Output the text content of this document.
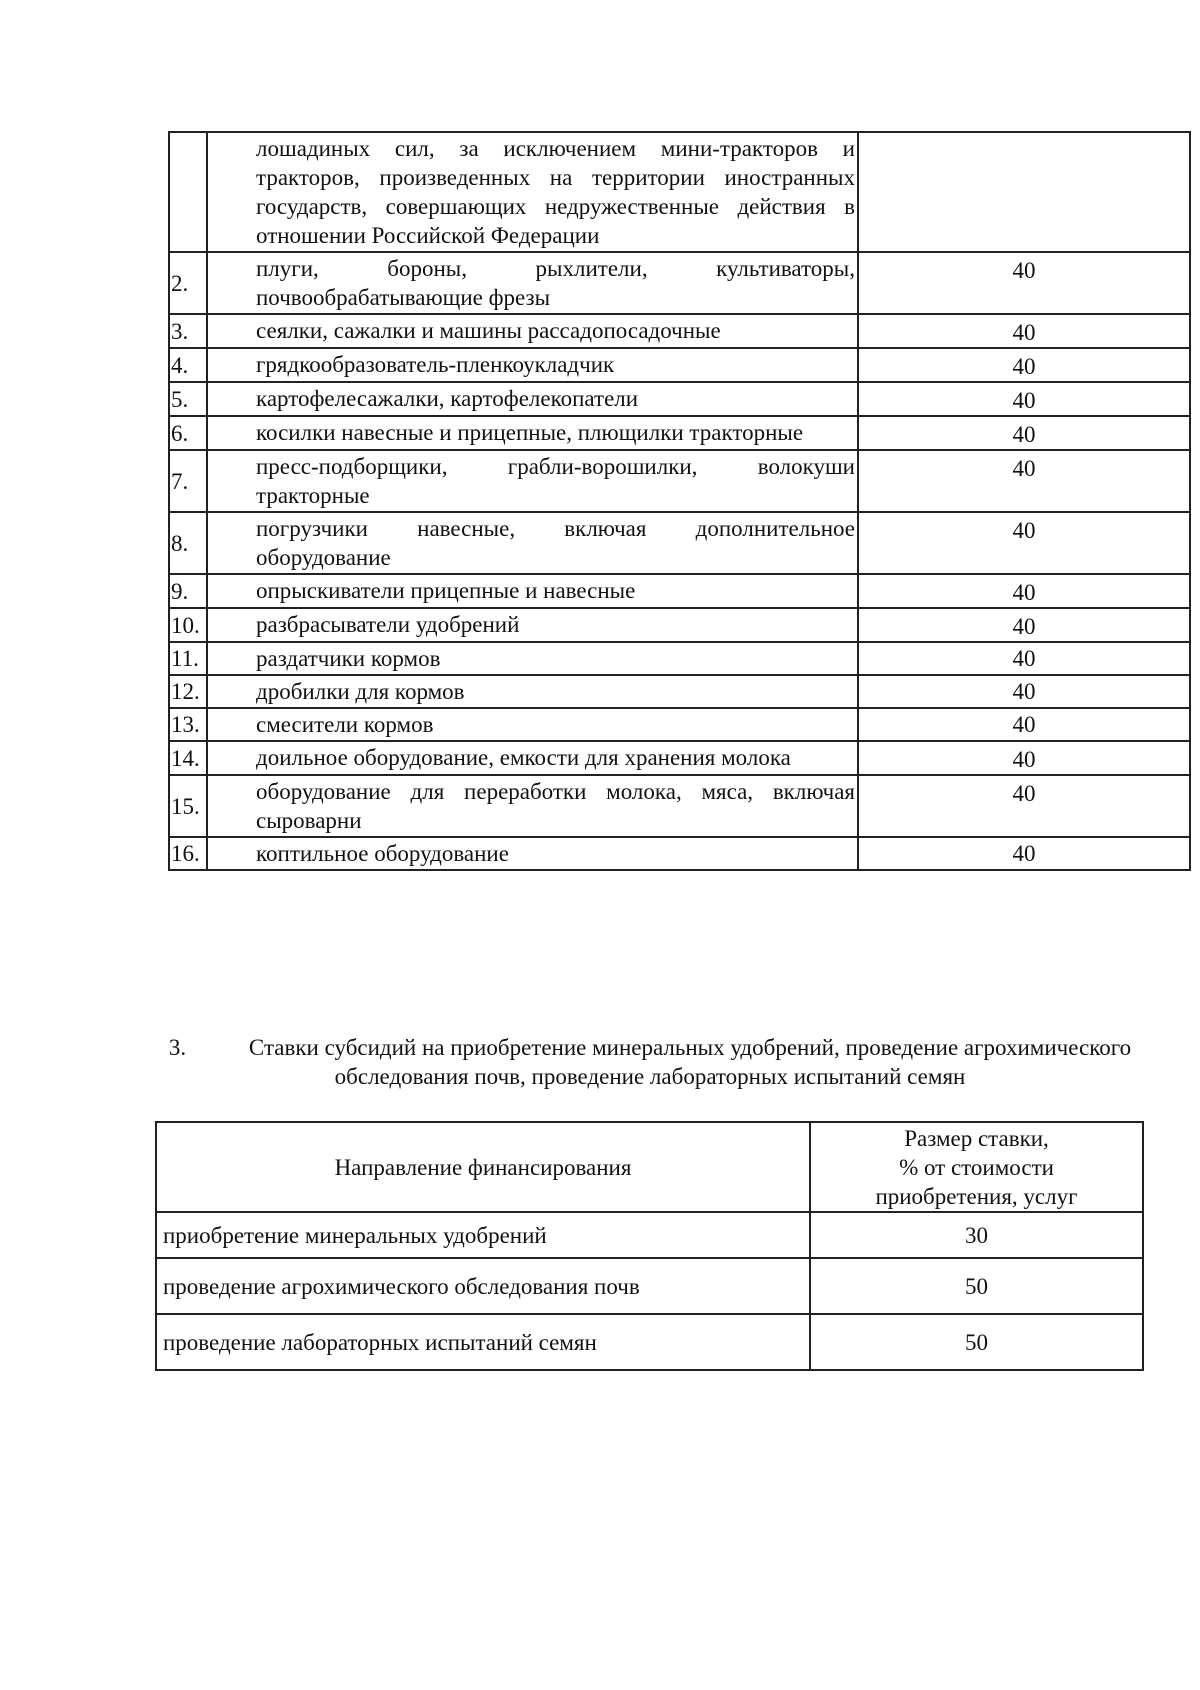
	лошадиных сил, за исключением мини-тракторов и тракторов, произведенных на территории иностранных государств, совершающих недружественные действия в отношении Российской Федерации	
2.	плуги, бороны, рыхлители, культиваторы, почвообрабатывающие фрезы	40
3.	сеялки, сажалки и машины рассадопосадочные	40
4.	грядкообразователь-пленкоукладчик	40
5.	картофелесажалки, картофелекопатели	40
6.	косилки навесные и прицепные, плющилки тракторные	40
7.	пресс-подборщики, грабли-ворошилки, волокуши тракторные	40
8.	погрузчики навесные, включая дополнительное оборудование	40
9.	опрыскиватели прицепные и навесные	40
10.	разбрасыватели удобрений	40
11.	раздатчики кормов	40
12.	дробилки для кормов	40
13.	смесители кормов	40
14.	доильное оборудование, емкости для хранения молока	40
15.	оборудование для переработки молока, мяса, включая сыроварни	40
16.	коптильное оборудование	40
3.	Ставки субсидий на приобретение минеральных удобрений, проведение агрохимического обследования почв, проведение лабораторных испытаний семян
Направление финансирования	Размер ставки,
% от стоимости
приобретения, услуг

приобретение минеральных удобрений	30
проведение агрохимического обследования почв	50
проведение лабораторных испытаний семян	50
